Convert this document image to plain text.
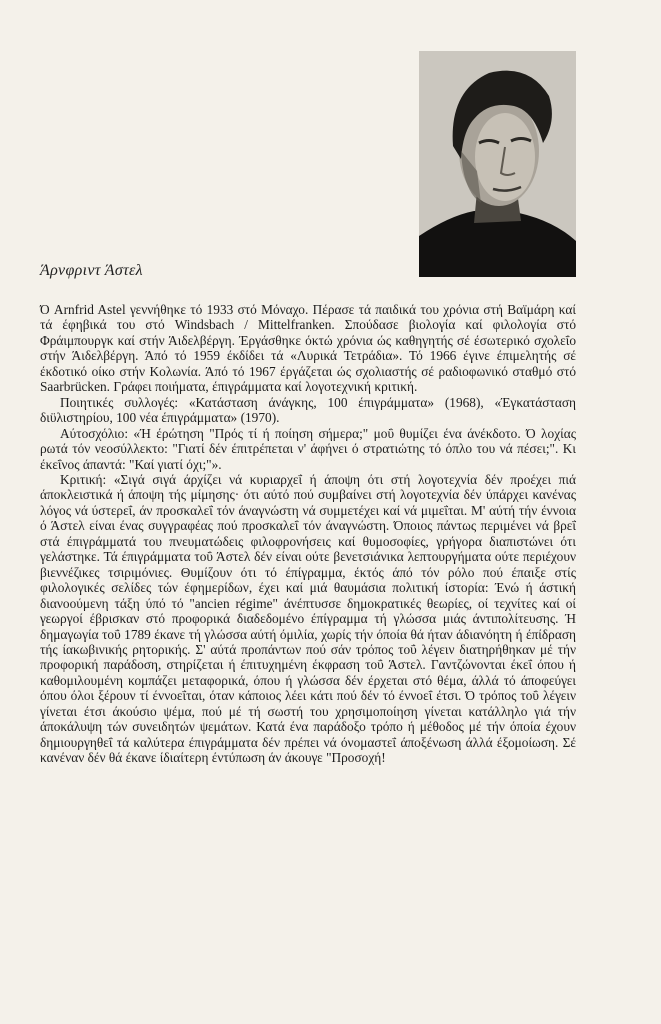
Άρνφριντ Άστελ

Ό Arnfrid Astel γεννήθηκε τό 1933 στό Μόναχο. Πέρασε τά παιδικά του χρόνια στή Βαϊμάρη καί τά έφηβικά του στό Windsbach / Mittelfranken. Σπούδασε βιολογία καί φιλολογία στό Φράιμπουργκ καί στήν Άιδελβέργη. Έργάσθηκε όκτώ χρόνια ώς καθηγητής σέ έσωτερικό σχολεΐο στήν Άιδελβέργη. Άπό τό 1959 έκδίδει τά «Λυρικά Τετράδια». Τό 1966 έγινε έπιμελητής σέ έκδοτικό οίκο στήν Κολωνία. Άπό τό 1967 έργάζεται ώς σχολιαστής σέ ραδιοφωνικό σταθμό στό Saarbrücken. Γράφει ποιήματα, έπιγράμματα καί λογοτεχνική κριτική.

Ποιητικές συλλογές: «Κατάσταση άνάγκης, 100 έπιγράμματα» (1968), «Έγκατάσταση διϋλιστηρίου, 100 νέα έπιγράμματα» (1970).

Αύτοσχόλιο: «Ή έρώτηση "Πρός τί ή ποίηση σήμερα;" μοΰ θυμίζει ένα άνέκδοτο. Ό λοχίας ρωτά τόν νεοσύλλεκτο: "Γιατί δέν έπιτρέπεται ν' άφήνει ό στρατιώτης τό όπλο του νά πέσει;". Κι έκεΐνος άπαντά: "Καί γιατί όχι;"».

Κριτική: «Σιγά σιγά άρχίζει νά κυριαρχεΐ ή άποψη ότι στή λογοτεχνία δέν προέχει πιά άποκλειστικά ή άποψη τής μίμησης· ότι αύτό πού συμβαίνει στή λογοτεχνία δέν ύπάρχει κανένας λόγος νά ύστερεΐ, άν προσκαλεΐ τόν άναγνώστη νά συμμετέχει καί νά μιμεΐται. Μ' αύτή τήν έννοια ό Άστελ είναι ένας συγγραφέας πού προσκαλεΐ τόν άναγνώστη. Όποιος πάντως περιμένει νά βρεΐ στά έπιγράμματά του πνευματώδεις φιλοφρονήσεις καί θυμοσοφίες, γρήγορα διαπιστώνει ότι γελάστηκε. Τά έπιγράμματα τοΰ Άστελ δέν είναι ούτε βενετσιάνικα λεπτουργήματα ούτε περιέχουν βιεννέζικες τσιριμόνιες. Θυμίζουν ότι τό έπίγραμμα, έκτός άπό τόν ρόλο πού έπαιξε στίς φιλολογικές σελίδες τών έφημερίδων, έχει καί μιά θαυμάσια πολιτική ίστορία: Ένώ ή άστική διανοούμενη τάξη ύπό τό "ancien régime" άνέπτυσσε δημοκρατικές θεωρίες, οί τεχνίτες καί οί γεωργοί έβρισκαν στό προφορικά διαδεδομένο έπίγραμμα τή γλώσσα μιάς άντιπολίτευσης. Ή δημαγωγία τοΰ 1789 έκανε τή γλώσσα αύτή όμιλία, χωρίς τήν όποία θά ήταν άδιανόητη ή έπίδραση τής ίακωβινικής ρητορικής. Σ' αύτά προπάντων πού σάν τρόπος τοΰ λέγειν διατηρήθηκαν μέ τήν προφορική παράδοση, στηρίζεται ή έπιτυχημένη έκφραση τοΰ Άστελ. Γαντζώνονται έκεΐ όπου ή καθομιλουμένη κομπάζει μεταφορικά, όπου ή γλώσσα δέν έρχεται στό θέμα, άλλά τό άποφεύγει όπου όλοι ξέρουν τί έννοεΐται, όταν κάποιος λέει κάτι πού δέν τό έννοεΐ έτσι. Ό τρόπος τοΰ λέγειν γίνεται έτσι άκούσιο ψέμα, πού μέ τή σωστή του χρησιμοποίηση γίνεται κατάλληλο γιά τήν άποκάλυψη τών συνειδητών ψεμάτων. Κατά ένα παράδοξο τρόπο ή μέθοδος μέ τήν όποία έχουν δημιουργηθεΐ τά καλύτερα έπιγράμματα δέν πρέπει νά όνομαστεΐ άποξένωση άλλά έξομοίωση. Σέ κανέναν δέν θά έκανε ίδιαίτερη έντύπωση άν άκουγε "Προσοχή!
